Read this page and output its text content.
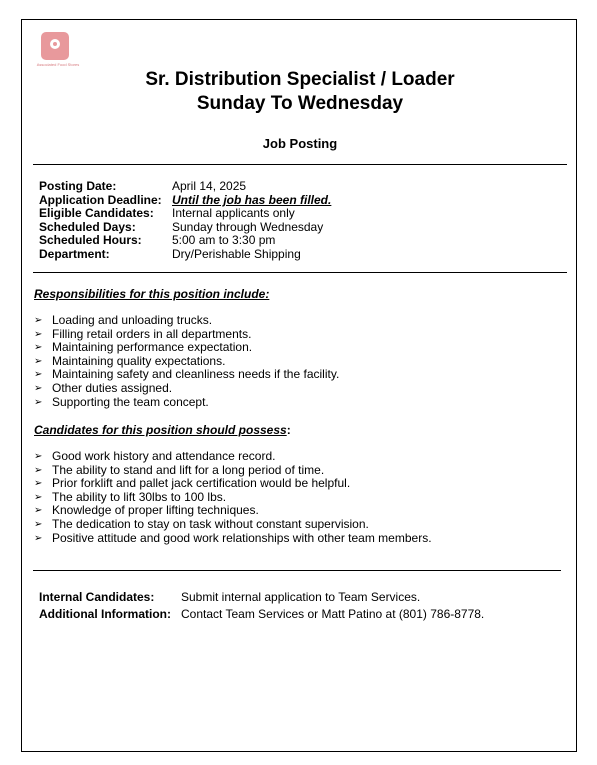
Associated Food Stores
Sr. Distribution Specialist / Loader
Sunday To Wednesday
Job Posting
Posting Date:	April 14, 2025
Application Deadline: Until the job has been filled.
Eligible Candidates:	Internal applicants only
Scheduled Days:	Sunday through Wednesday
Scheduled Hours:	5:00 am to 3:30 pm
Department:	Dry/Perishable Shipping
Responsibilities for this position include:
➢ Loading and unloading trucks.
➢ Filling retail orders in all departments.
➢ Maintaining performance expectation.
➢ Maintaining quality expectations.
➢ Maintaining safety and cleanliness needs if the facility.
➢ Other duties assigned.
➢ Supporting the team concept.
Candidates for this position should possess:
➢ Good work history and attendance record.
➢ The ability to stand and lift for a long period of time.
➢ Prior forklift and pallet jack certification would be helpful.
➢ The ability to lift 30lbs to 100 lbs.
➢ Knowledge of proper lifting techniques.
➢ The dedication to stay on task without constant supervision.
➢ Positive attitude and good work relationships with other team members.
Internal Candidates:	Submit internal application to Team Services.
Additional Information: Contact Team Services or Matt Patino at (801) 786-8778.
